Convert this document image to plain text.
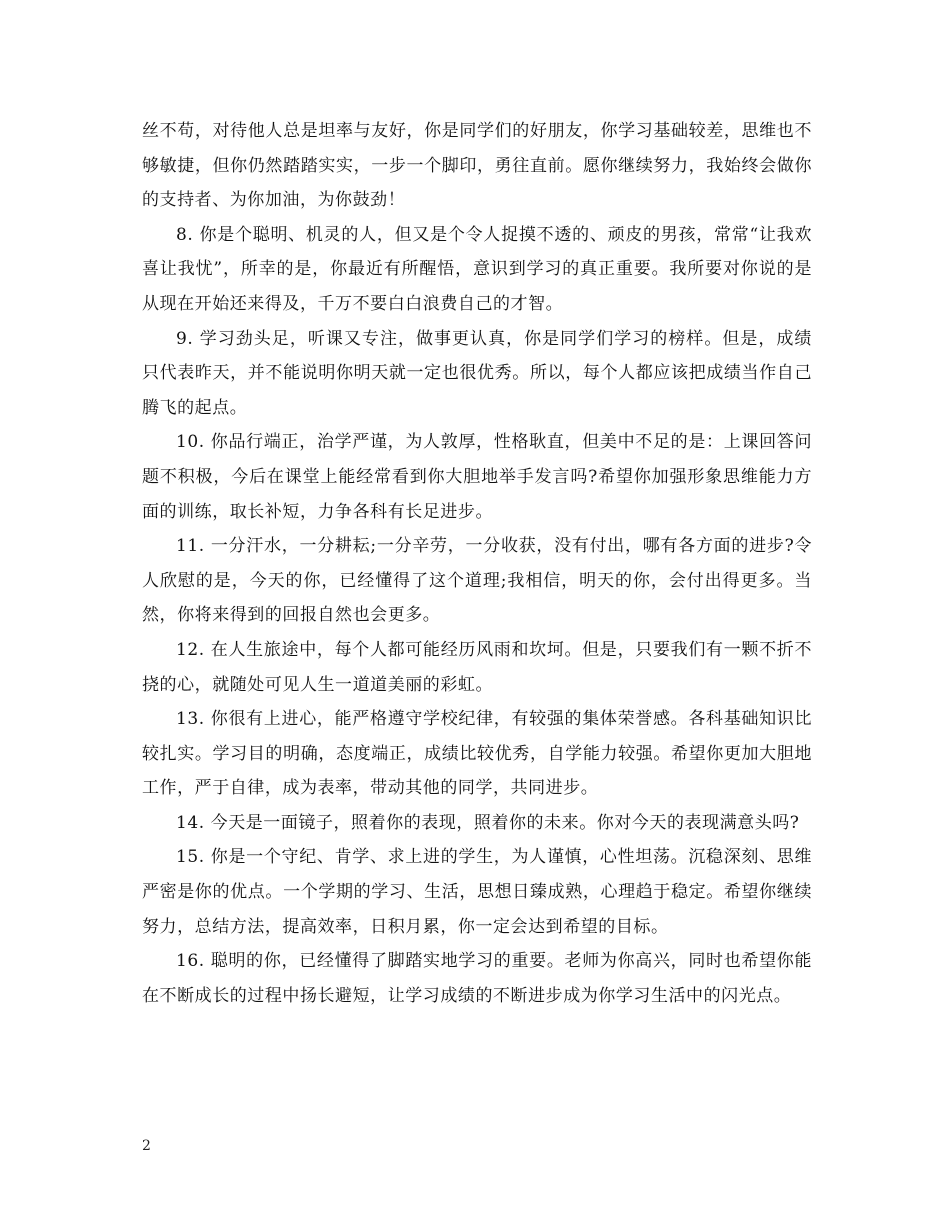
丝不苟，对待他人总是坦率与友好，你是同学们的好朋友，你学习基础较差，思维也不够敏捷，但你仍然踏踏实实，一步一个脚印，勇往直前。愿你继续努力，我始终会做你的支持者、为你加油，为你鼓劲！

8. 你是个聪明、机灵的人，但又是个令人捉摸不透的、顽皮的男孩，常常“让我欢喜让我忧”，所幸的是，你最近有所醒悟，意识到学习的真正重要。我所要对你说的是从现在开始还来得及，千万不要白白浪费自己的才智。

9. 学习劲头足，听课又专注，做事更认真，你是同学们学习的榜样。但是，成绩只代表昨天，并不能说明你明天就一定也很优秀。所以，每个人都应该把成绩当作自己腾飞的起点。

10. 你品行端正，治学严谨，为人敦厚，性格耿直，但美中不足的是：上课回答问题不积极，今后在课堂上能经常看到你大胆地举手发言吗?希望你加强形象思维能力方面的训练，取长补短，力争各科有长足进步。

11. 一分汗水，一分耕耘;一分辛劳，一分收获，没有付出，哪有各方面的进步?令人欣慰的是，今天的你，已经懂得了这个道理;我相信，明天的你，会付出得更多。当然，你将来得到的回报自然也会更多。

12. 在人生旅途中，每个人都可能经历风雨和坎坷。但是，只要我们有一颗不折不挠的心，就随处可见人生一道道美丽的彩虹。

13. 你很有上进心，能严格遵守学校纪律，有较强的集体荣誉感。各科基础知识比较扎实。学习目的明确，态度端正，成绩比较优秀，自学能力较强。希望你更加大胆地工作，严于自律，成为表率，带动其他的同学，共同进步。

14. 今天是一面镜子，照着你的表现，照着你的未来。你对今天的表现满意头吗?

15. 你是一个守纪、肯学、求上进的学生，为人谨慎，心性坦荡。沉稳深刻、思维严密是你的优点。一个学期的学习、生活，思想日臻成熟，心理趋于稳定。希望你继续努力，总结方法，提高效率，日积月累，你一定会达到希望的目标。

16. 聪明的你，已经懂得了脚踏实地学习的重要。老师为你高兴，同时也希望你能在不断成长的过程中扬长避短，让学习成绩的不断进步成为你学习生活中的闪光点。

2
